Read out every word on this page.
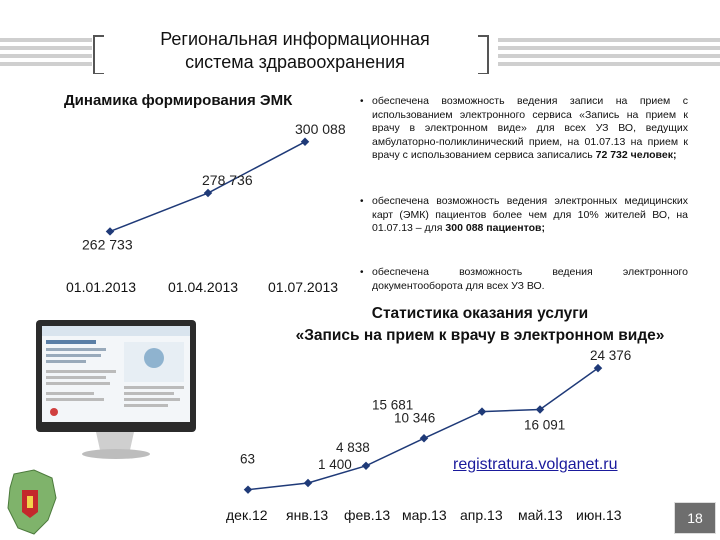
Региональная информационная
система здравоохранения
Динамика формирования ЭМК
262 733
278 736
300 088
01.01.2013 01.04.2013 01.07.2013
• обеспечена возможность ведения записи на прием с использованием электронного сервиса «Запись на прием к врачу в электронном виде» для всех УЗ ВО, ведущих амбулаторно-поликлинический прием, на 01.07.13 на прием к врачу с использованием сервиса записались 72 732 человек;
• обеспечена возможность ведения электронных медицинских карт (ЭМК) пациентов более чем для 10% жителей ВО, на 01.07.13 – для 300 088 пациентов;
• обеспечена возможность ведения электронного документооборота для всех УЗ ВО.
Статистика оказания услуги
«Запись на прием к врачу в электронном виде»
63	1 400
4 838
10 346
15 681
16 091
24 376
дек.12 янв.13 фев.13 мар.13 апр.13 май.13 июн.13
registratura.volganet.ru
18
